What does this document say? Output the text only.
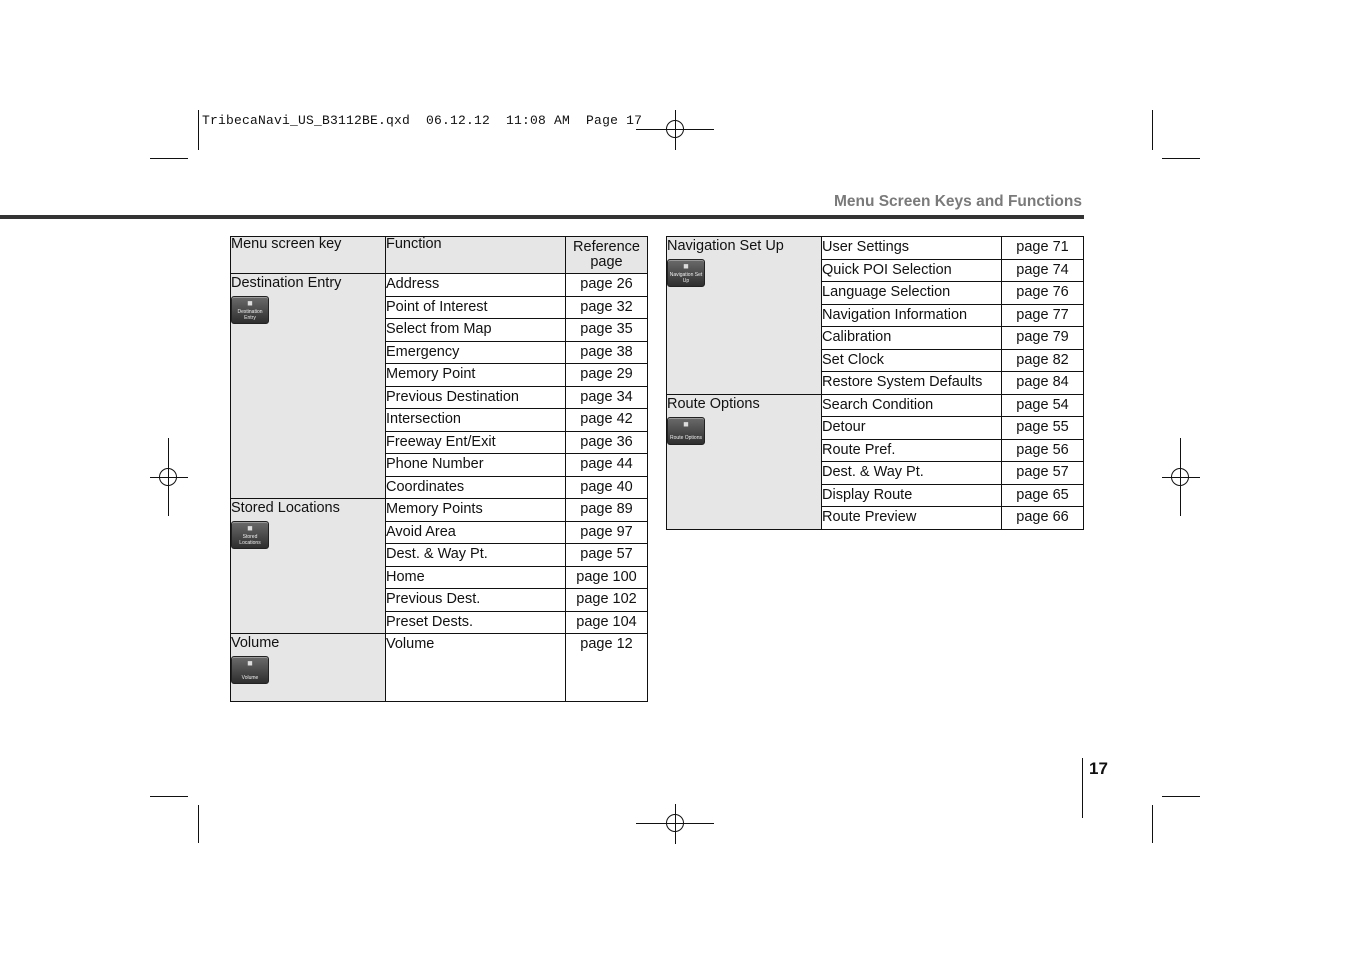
TribecaNavi_US_B3112BE.qxd  06.12.12  11:08 AM  Page 17
Menu Screen Keys and Functions
Menu screen key	Function	Reference page

Destination Entry
■
Destination Entry	Address	page 26
	Point of Interest	page 32
	Select from Map	page 35
	Emergency	page 38
	Memory Point	page 29
	Previous Destination	page 34
	Intersection	page 42
	Freeway Ent/Exit	page 36
	Phone Number	page 44
	Coordinates	page 40

Stored Locations
■
Stored Locations	Memory Points	page 89
	Avoid Area	page 97
	Dest. & Way Pt.	page 57
	Home	page 100
	Previous Dest.	page 102
	Preset Dests.	page 104

Volume
■
Volume	Volume	page 12
Navigation Set Up
■
Navigation Set Up	User Settings	page 71
	Quick POI Selection	page 74
	Language Selection	page 76
	Navigation Information	page 77
	Calibration	page 79
	Set Clock	page 82
	Restore System Defaults	page 84

Route Options
■
Route Options	Search Condition	page 54
	Detour	page 55
	Route Pref.	page 56
	Dest. & Way Pt.	page 57
	Display Route	page 65
	Route Preview	page 66
17
